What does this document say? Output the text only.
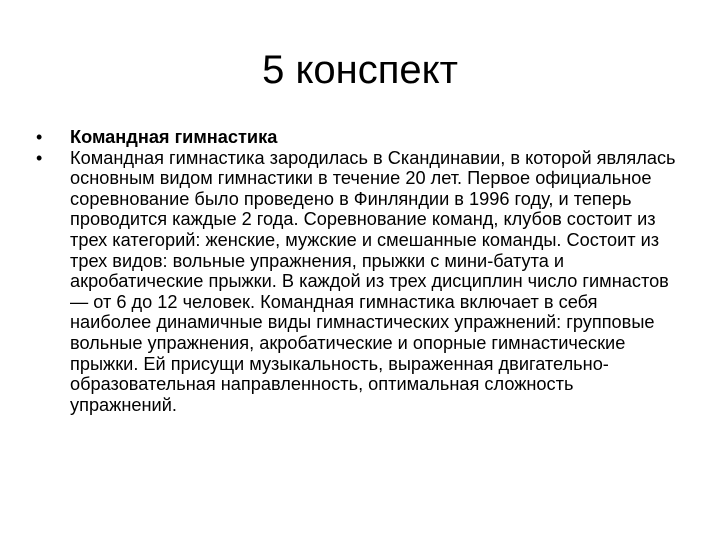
5 конспект
•	Командная гимнастика
•	Командная гимнастика зародилась в Скандинавии, в которой являлась основным видом гимнастики в течение 20 лет. Первое официальное соревнование было проведено в Финляндии в 1996 году, и теперь проводится каждые 2 года. Соревнование команд, клубов состоит из трех категорий: женские, мужские и смешанные команды. Состоит из трех видов: вольные упражнения, прыжки с мини-батута и акробатические прыжки. В каждой из трех дисциплин число гимнастов — от 6 до 12 человек. Командная гимнастика включает в себя наиболее динамичные виды гимнастических упражнений: групповые вольные упражнения, акробатические и опорные гимнастические прыжки. Ей присущи музыкальность, выраженная двигательно-образовательная направленность, оптимальная сложность упражнений.
